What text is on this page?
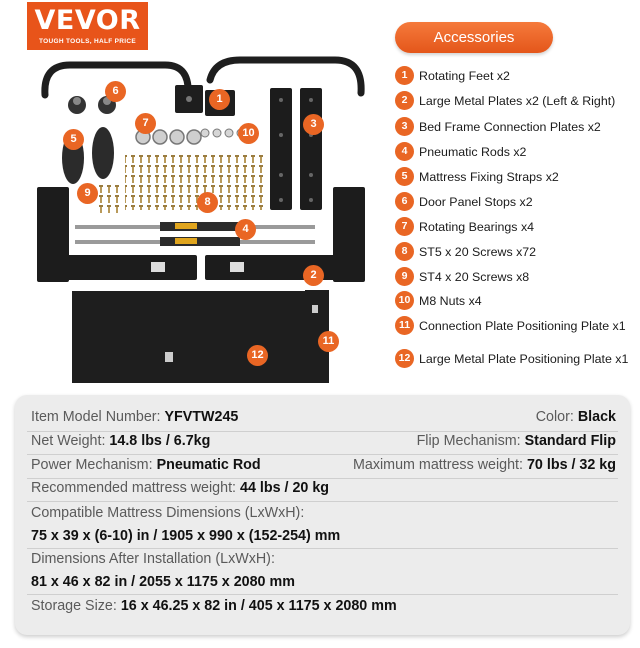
VEVOR
TOUGH TOOLS, HALF PRICE	Accessories
1 Rotating Feet x2
2 Large Metal Plates x2 (Left & Right)
3 Bed Frame Connection Plates x2
4 Pneumatic Rods x2
5 Mattress Fixing Straps x2
6 Door Panel Stops x2
7 Rotating Bearings x4
8 ST5 x 20 Screws x72
9 ST4 x 20 Screws x8
10 M8 Nuts x4
11 Connection Plate Positioning Plate x1
12 Large Metal Plate Positioning Plate x1
1
2
3
4
5
6
7
8
9
10
11
12
Item Model Number: YFVTW245	Color: Black
Net Weight: 14.8 lbs / 6.7kg	Flip Mechanism: Standard Flip
Power Mechanism: Pneumatic Rod	Maximum mattress weight: 70 lbs / 32 kg
Recommended mattress weight: 44 lbs / 20 kg
Compatible Mattress Dimensions (LxWxH):
75 x 39 x (6-10) in / 1905 x 990 x (152-254) mm
Dimensions After Installation (LxWxH):
81 x 46 x 82 in / 2055 x 1175 x 2080 mm
Storage Size: 16 x 46.25 x 82 in / 405 x 1175 x 2080 mm
